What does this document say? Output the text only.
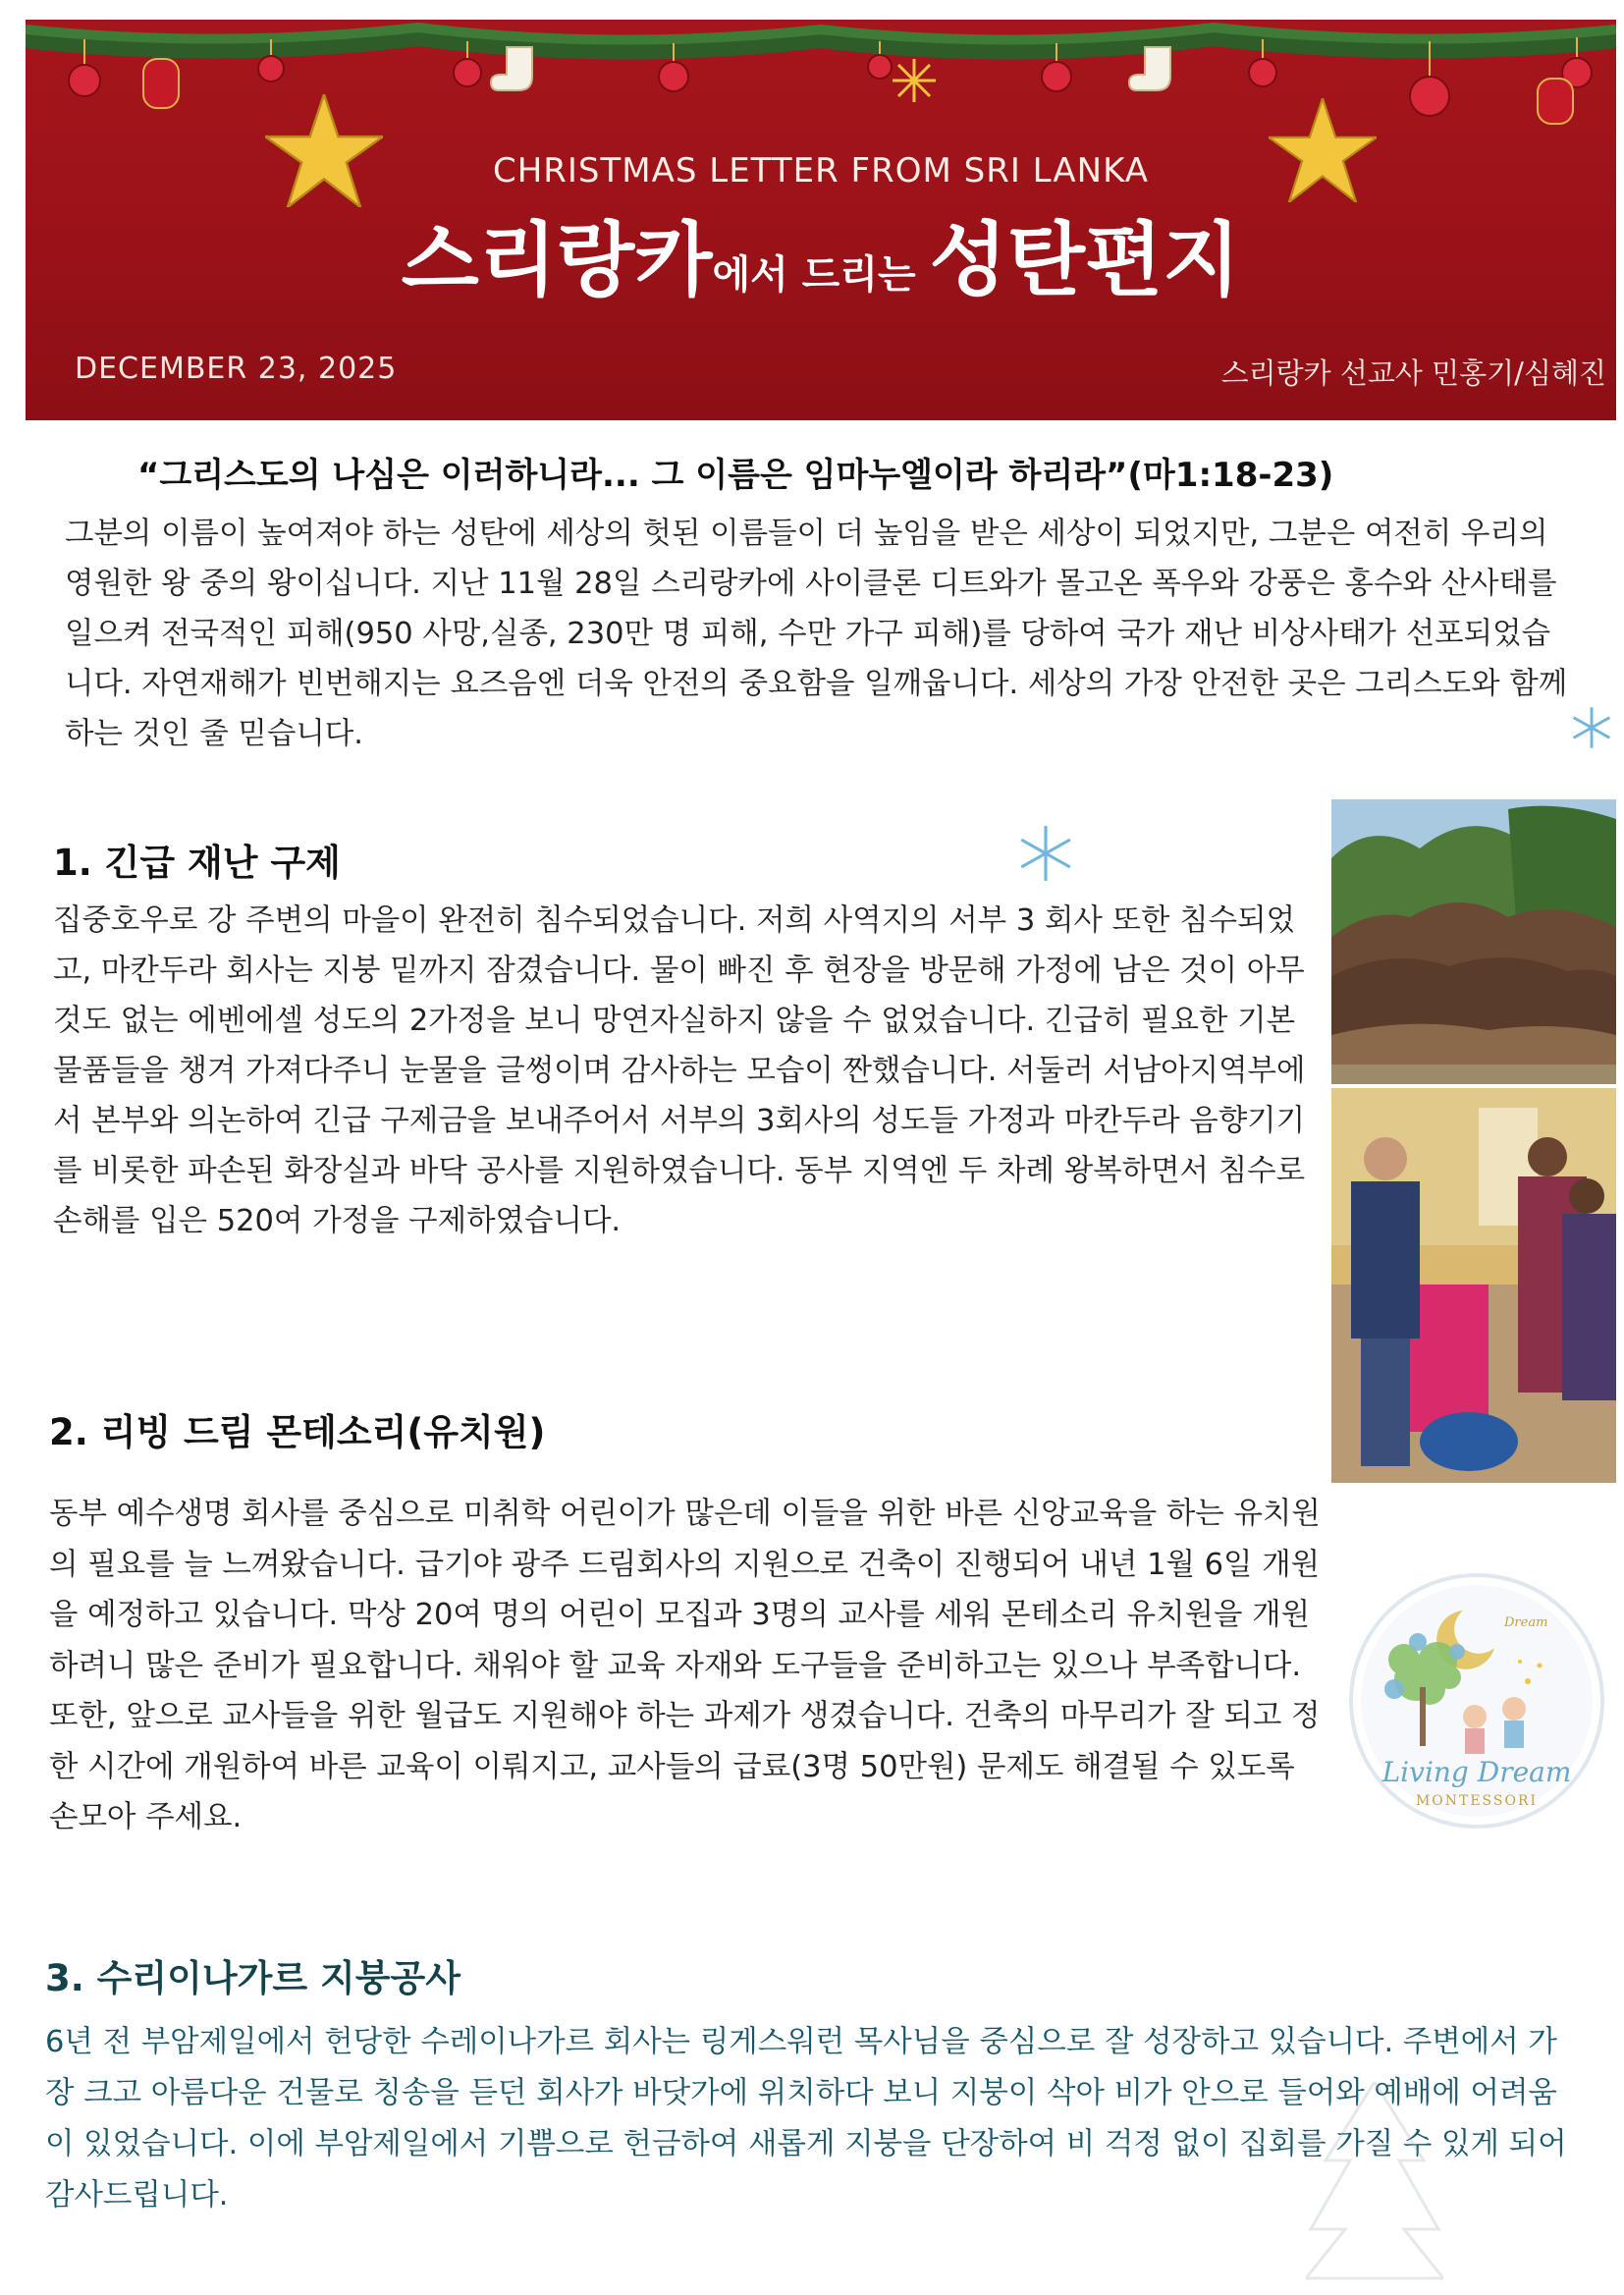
CHRISTMAS LETTER FROM SRI LANKA
스리랑카에서 드리는 성탄편지
DECEMBER 23, 2025	스리랑카 선교사 민홍기/심혜진
“그리스도의 나심은 이러하니라... 그 이름은 임마누엘이라 하리라”(마1:18-23)

그분의 이름이 높여져야 하는 성탄에 세상의 헛된 이름들이 더 높임을 받은 세상이 되었지만, 그분은 여전히 우리의 영원한 왕 중의 왕이십니다. 지난 11월 28일 스리랑카에 사이클론 디트와가 몰고온 폭우와 강풍은 홍수와 산사태를 일으켜 전국적인 피해(950 사망,실종, 230만 명 피해, 수만 가구 피해)를 당하여 국가 재난 비상사태가 선포되었습니다. 자연재해가 빈번해지는 요즈음엔 더욱 안전의 중요함을 일깨웁니다. 세상의 가장 안전한 곳은 그리스도와 함께하는 것인 줄 믿습니다.

1. 긴급 재난 구제

집중호우로 강 주변의 마을이 완전히 침수되었습니다. 저희 사역지의 서부 3 회사 또한 침수되었고, 마칸두라 회사는 지붕 밑까지 잠겼습니다. 물이 빠진 후 현장을 방문해 가정에 남은 것이 아무것도 없는 에벤에셀 성도의 2가정을 보니 망연자실하지 않을 수 없었습니다. 긴급히 필요한 기본 물품들을 챙겨 가져다주니 눈물을 글썽이며 감사하는 모습이 짠했습니다. 서둘러 서남아지역부에서 본부와 의논하여 긴급 구제금을 보내주어서 서부의 3회사의 성도들 가정과 마칸두라 음향기기를 비롯한 파손된 화장실과 바닥 공사를 지원하였습니다. 동부 지역엔 두 차례 왕복하면서 침수로 손해를 입은 520여 가정을 구제하였습니다.

2. 리빙 드림 몬테소리(유치원)

동부 예수생명 회사를 중심으로 미취학 어린이가 많은데 이들을 위한 바른 신앙교육을 하는 유치원의 필요를 늘 느껴왔습니다. 급기야 광주 드림회사의 지원으로 건축이 진행되어 내년 1월 6일 개원을 예정하고 있습니다. 막상 20여 명의 어린이 모집과 3명의 교사를 세워 몬테소리 유치원을 개원하려니 많은 준비가 필요합니다. 채워야 할 교육 자재와 도구들을 준비하고는 있으나 부족합니다. 또한, 앞으로 교사들을 위한 월급도 지원해야 하는 과제가 생겼습니다. 건축의 마무리가 잘 되고 정한 시간에 개원하여 바른 교육이 이뤄지고, 교사들의 급료(3명 50만원) 문제도 해결될 수 있도록 손모아 주세요.

Dream
Living Dream
MONTESSORI
3. 수리이나가르 지붕공사

6년 전 부암제일에서 헌당한 수레이나가르 회사는 링게스워런 목사님을 중심으로 잘 성장하고 있습니다. 주변에서 가장 크고 아름다운 건물로 칭송을 듣던 회사가 바닷가에 위치하다 보니 지붕이 삭아 비가 안으로 들어와 예배에 어려움이 있었습니다. 이에 부암제일에서 기쁨으로 헌금하여 새롭게 지붕을 단장하여 비 걱정 없이 집회를 가질 수 있게 되어 감사드립니다.
